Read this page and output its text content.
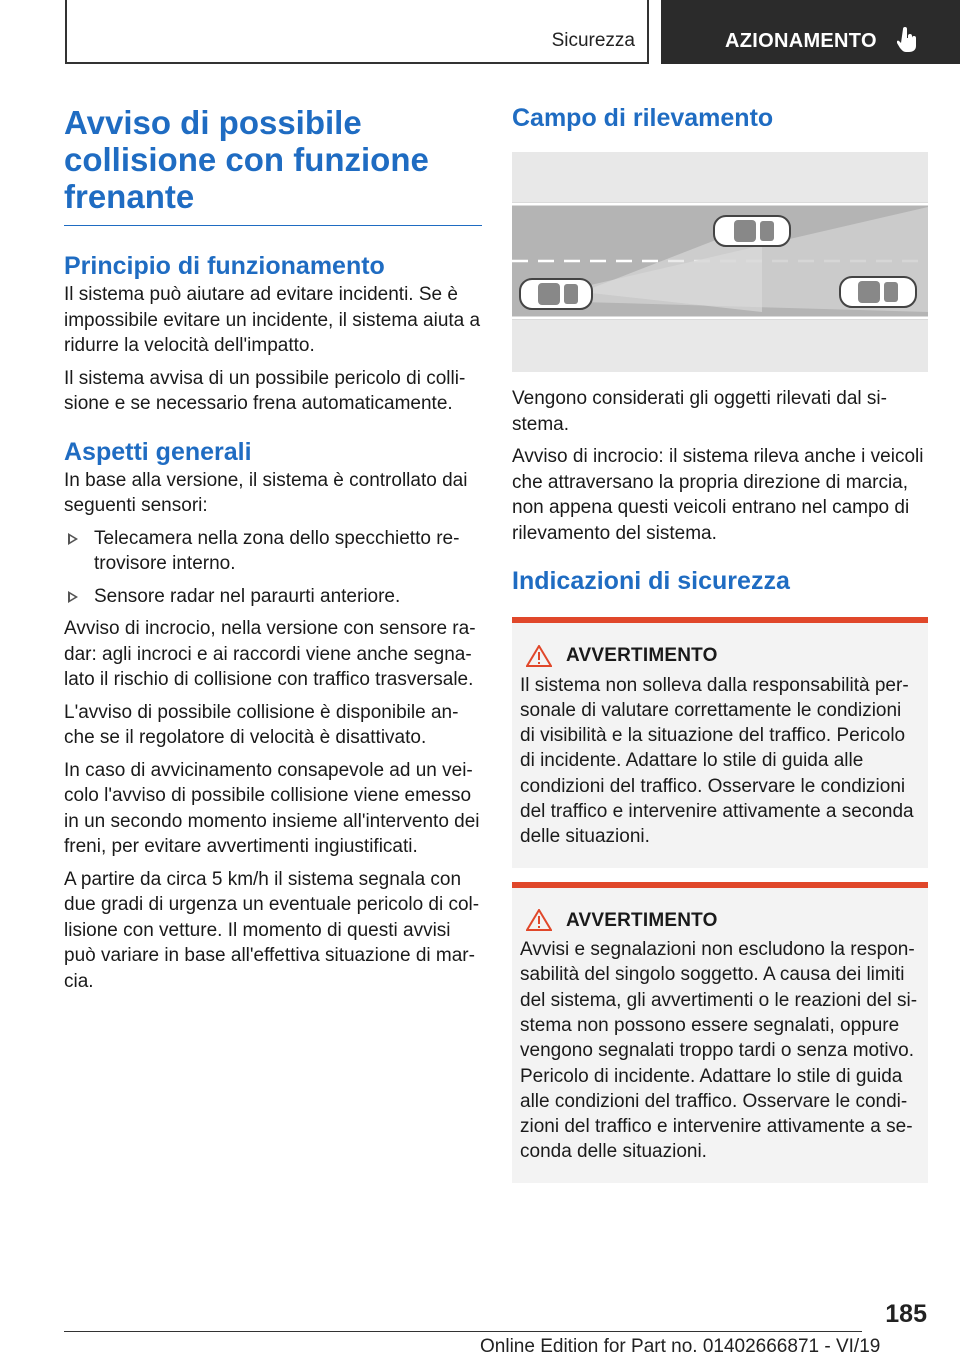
Sicurezza	AZIONAMENTO
Avviso di possibile collisione con funzione frenante
Principio di funzionamento

Il sistema può aiutare ad evitare incidenti. Se è impossibile evitare un incidente, il sistema aiuta a ridurre la velocità dell'impatto.

Il sistema avvisa di un possibile pericolo di collisione e se necessario frena automaticamente.

Aspetti generali

In base alla versione, il sistema è controllato dai seguenti sensori:

Telecamera nella zona dello specchietto retrovisore interno.
Sensore radar nel paraurti anteriore.

Avviso di incrocio, nella versione con sensore radar: agli incroci e ai raccordi viene anche segnalato il rischio di collisione con traffico trasversale.

L'avviso di possibile collisione è disponibile anche se il regolatore di velocità è disattivato.

In caso di avvicinamento consapevole ad un veicolo l'avviso di possibile collisione viene emesso in un secondo momento insieme all'intervento dei freni, per evitare avvertimenti ingiustificati.

A partire da circa 5 km/h il sistema segnala con due gradi di urgenza un eventuale pericolo di collisione con vetture. Il momento di questi avvisi può variare in base all'effettiva situazione di marcia.

Campo di rilevamento

Vengono considerati gli oggetti rilevati dal sistema.

Avviso di incrocio: il sistema rileva anche i veicoli che attraversano la propria direzione di marcia, non appena questi veicoli entrano nel campo di rilevamento del sistema.

Indicazioni di sicurezza
AVVERTIMENTO

Il sistema non solleva dalla responsabilità personale di valutare correttamente le condizioni di visibilità e la situazione del traffico. Pericolo di incidente. Adattare lo stile di guida alle condizioni del traffico. Osservare le condizioni del traffico e intervenire attivamente a seconda delle situazioni.

AVVERTIMENTO

Avvisi e segnalazioni non escludono la responsabilità del singolo soggetto. A causa dei limiti del sistema, gli avvertimenti o le reazioni del sistema non possono essere segnalati, oppure vengono segnalati troppo tardi o senza motivo. Pericolo di incidente. Adattare lo stile di guida alle condizioni del traffico. Osservare le condizioni del traffico e intervenire attivamente a seconda delle situazioni.

185
Online Edition for Part no. 01402666871 - VI/19
